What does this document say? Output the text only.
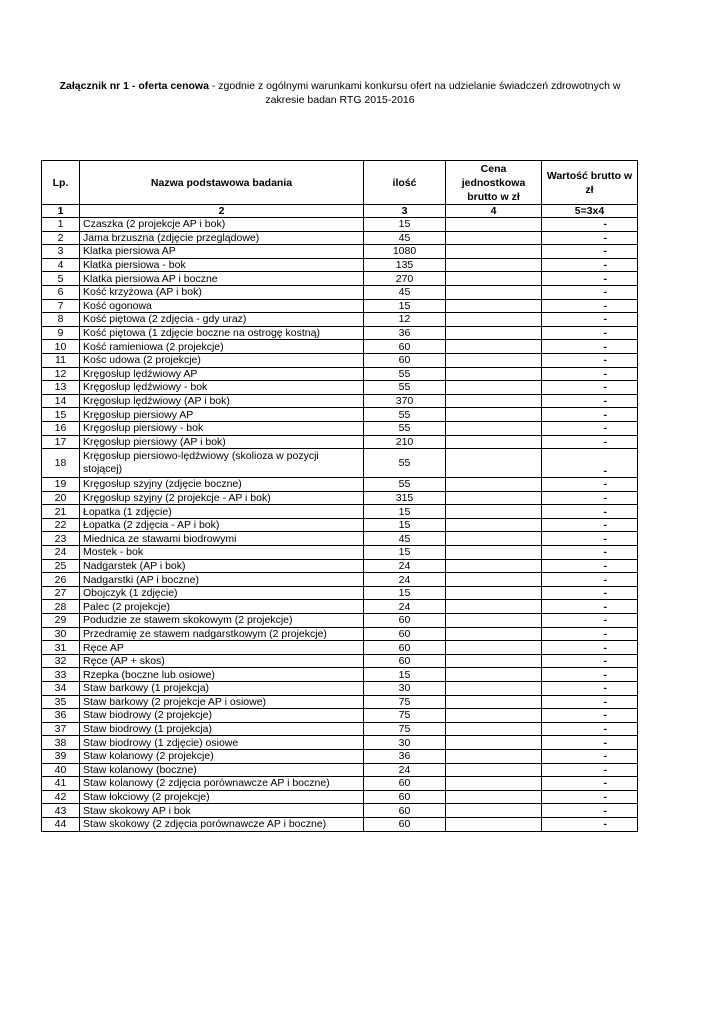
Załącznik nr 1 - oferta cenowa - zgodnie z ogólnymi warunkami konkursu ofert na udzielanie świadczeń zdrowotnych w zakresie badan RTG 2015-2016
Lp.	Nazwa podstawowa badania	ilość	Cena jednostkowa brutto w zł	Wartość brutto w zł
1	2	3	4	5=3x4
1	Czaszka (2 projekcje AP i bok)	15		-
2	Jama brzuszna (zdjęcie przeglądowe)	45		-
3	Klatka piersiowa AP	1080		-
4	Klatka piersiowa - bok	135		-
5	Klatka piersiowa AP i boczne	270		-
6	Kość krzyżowa (AP i bok)	45		-
7	Kość ogonowa	15		-
8	Kość piętowa (2 zdjęcia - gdy uraz)	12		-
9	Kość piętowa (1 zdjęcie boczne na ostrogę kostną)	36		-
10	Kość ramieniowa (2 projekcje)	60		-
11	Kośc udowa (2 projekcje)	60		-
12	Kręgosłup lędźwiowy AP	55		-
13	Kręgosłup lędźwiowy - bok	55		-
14	Kręgosłup lędźwiowy (AP i bok)	370		-
15	Kręgosłup piersiowy AP	55		-
16	Kręgosłup piersiowy - bok	55		-
17	Kręgosłup piersiowy (AP i bok)	210		-
18	Kręgosłup piersiowo-lędźwiowy (skolioza w pozycji stojącej)	55		-
19	Kręgosłup szyjny (zdjęcie boczne)	55		-
20	Kręgosłup szyjny (2 projekcje - AP i bok)	315		-
21	Łopatka (1 zdjęcie)	15		-
22	Łopatka (2 zdjęcia - AP i bok)	15		-
23	Miednica ze stawami biodrowymi	45		-
24	Mostek - bok	15		-
25	Nadgarstek (AP i bok)	24		-
26	Nadgarstki (AP i boczne)	24		-
27	Obojczyk (1 zdjęcie)	15		-
28	Palec (2 projekcje)	24		-
29	Podudzie ze stawem skokowym (2 projekcje)	60		-
30	Przedramię ze stawem nadgarstkowym (2 projekcje)	60		-
31	Ręce AP	60		-
32	Ręce (AP + skos)	60		-
33	Rzepka (boczne lub osiowe)	15		-
34	Staw barkowy (1 projekcja)	30		-
35	Staw barkowy (2 projekcje AP i osiowe)	75		-
36	Staw biodrowy (2 projekcje)	75		-
37	Staw biodrowy (1 projekcja)	75		-
38	Staw biodrowy (1 zdjęcie) osiowe	30		-
39	Staw kolanowy (2 projekcje)	36		-
40	Staw kolanowy (boczne)	24		-
41	Staw kolanowy (2 zdjęcia porównawcze AP i boczne)	60		-
42	Staw łokciowy (2 projekcje)	60		-
43	Staw skokowy AP i bok	60		-
44	Staw skokowy (2 zdjęcia porównawcze AP i boczne)	60		-
